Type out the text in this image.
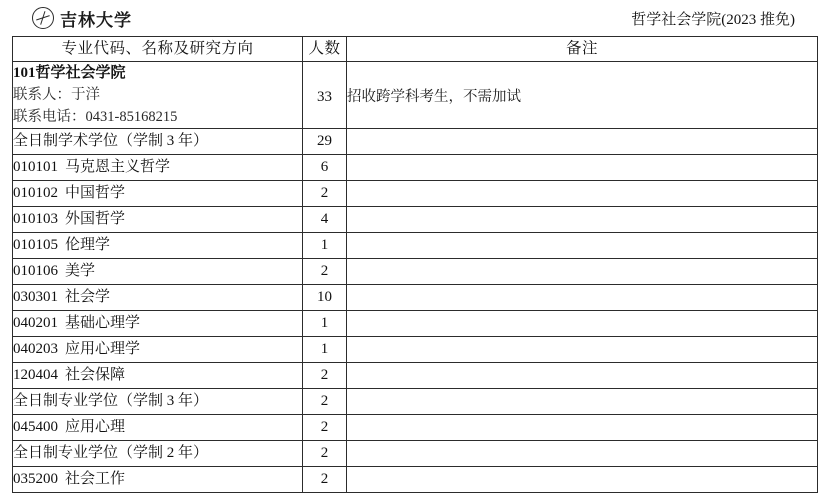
吉林大学	哲学社会学院(2023 推免)
专业代码、名称及研究方向	人数	备注

101哲学社会学院
联系人：于洋
联系电话：0431-85168215	33	招收跨学科考生，不需加试

全日制学术学位（学制 3 年）	29	
010101 马克恩主义哲学	6	
010102 中国哲学	2	
010103 外国哲学	4	
010105 伦理学	1	
010106 美学	2	
030301 社会学	10	
040201 基础心理学	1	
040203 应用心理学	1	
120404 社会保障	2	
全日制专业学位（学制 3 年）	2	
045400 应用心理	2	
全日制专业学位（学制 2 年）	2	
035200 社会工作	2	
